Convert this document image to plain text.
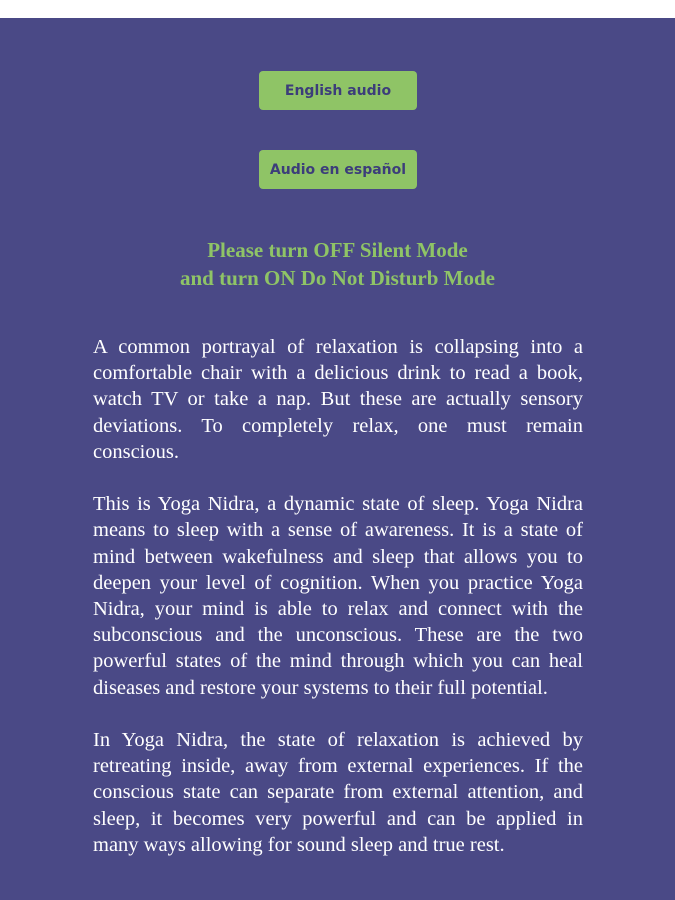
English audio
Audio en español
Please turn OFF Silent Mode
and turn ON Do Not Disturb Mode

A common portrayal of relaxation is collapsing into a comfortable chair with a delicious drink to read a book, watch TV or take a nap. But these are actually sensory deviations. To completely relax, one must remain conscious.

This is Yoga Nidra, a dynamic state of sleep. Yoga Nidra means to sleep with a sense of awareness. It is a state of mind between wakefulness and sleep that allows you to deepen your level of cognition. When you practice Yoga Nidra, your mind is able to relax and connect with the subconscious and the unconscious. These are the two powerful states of the mind through which you can heal diseases and restore your systems to their full potential.

In Yoga Nidra, the state of relaxation is achieved by retreating inside, away from external experiences. If the conscious state can separate from external attention, and sleep, it becomes very powerful and can be applied in many ways allowing for sound sleep and true rest.
